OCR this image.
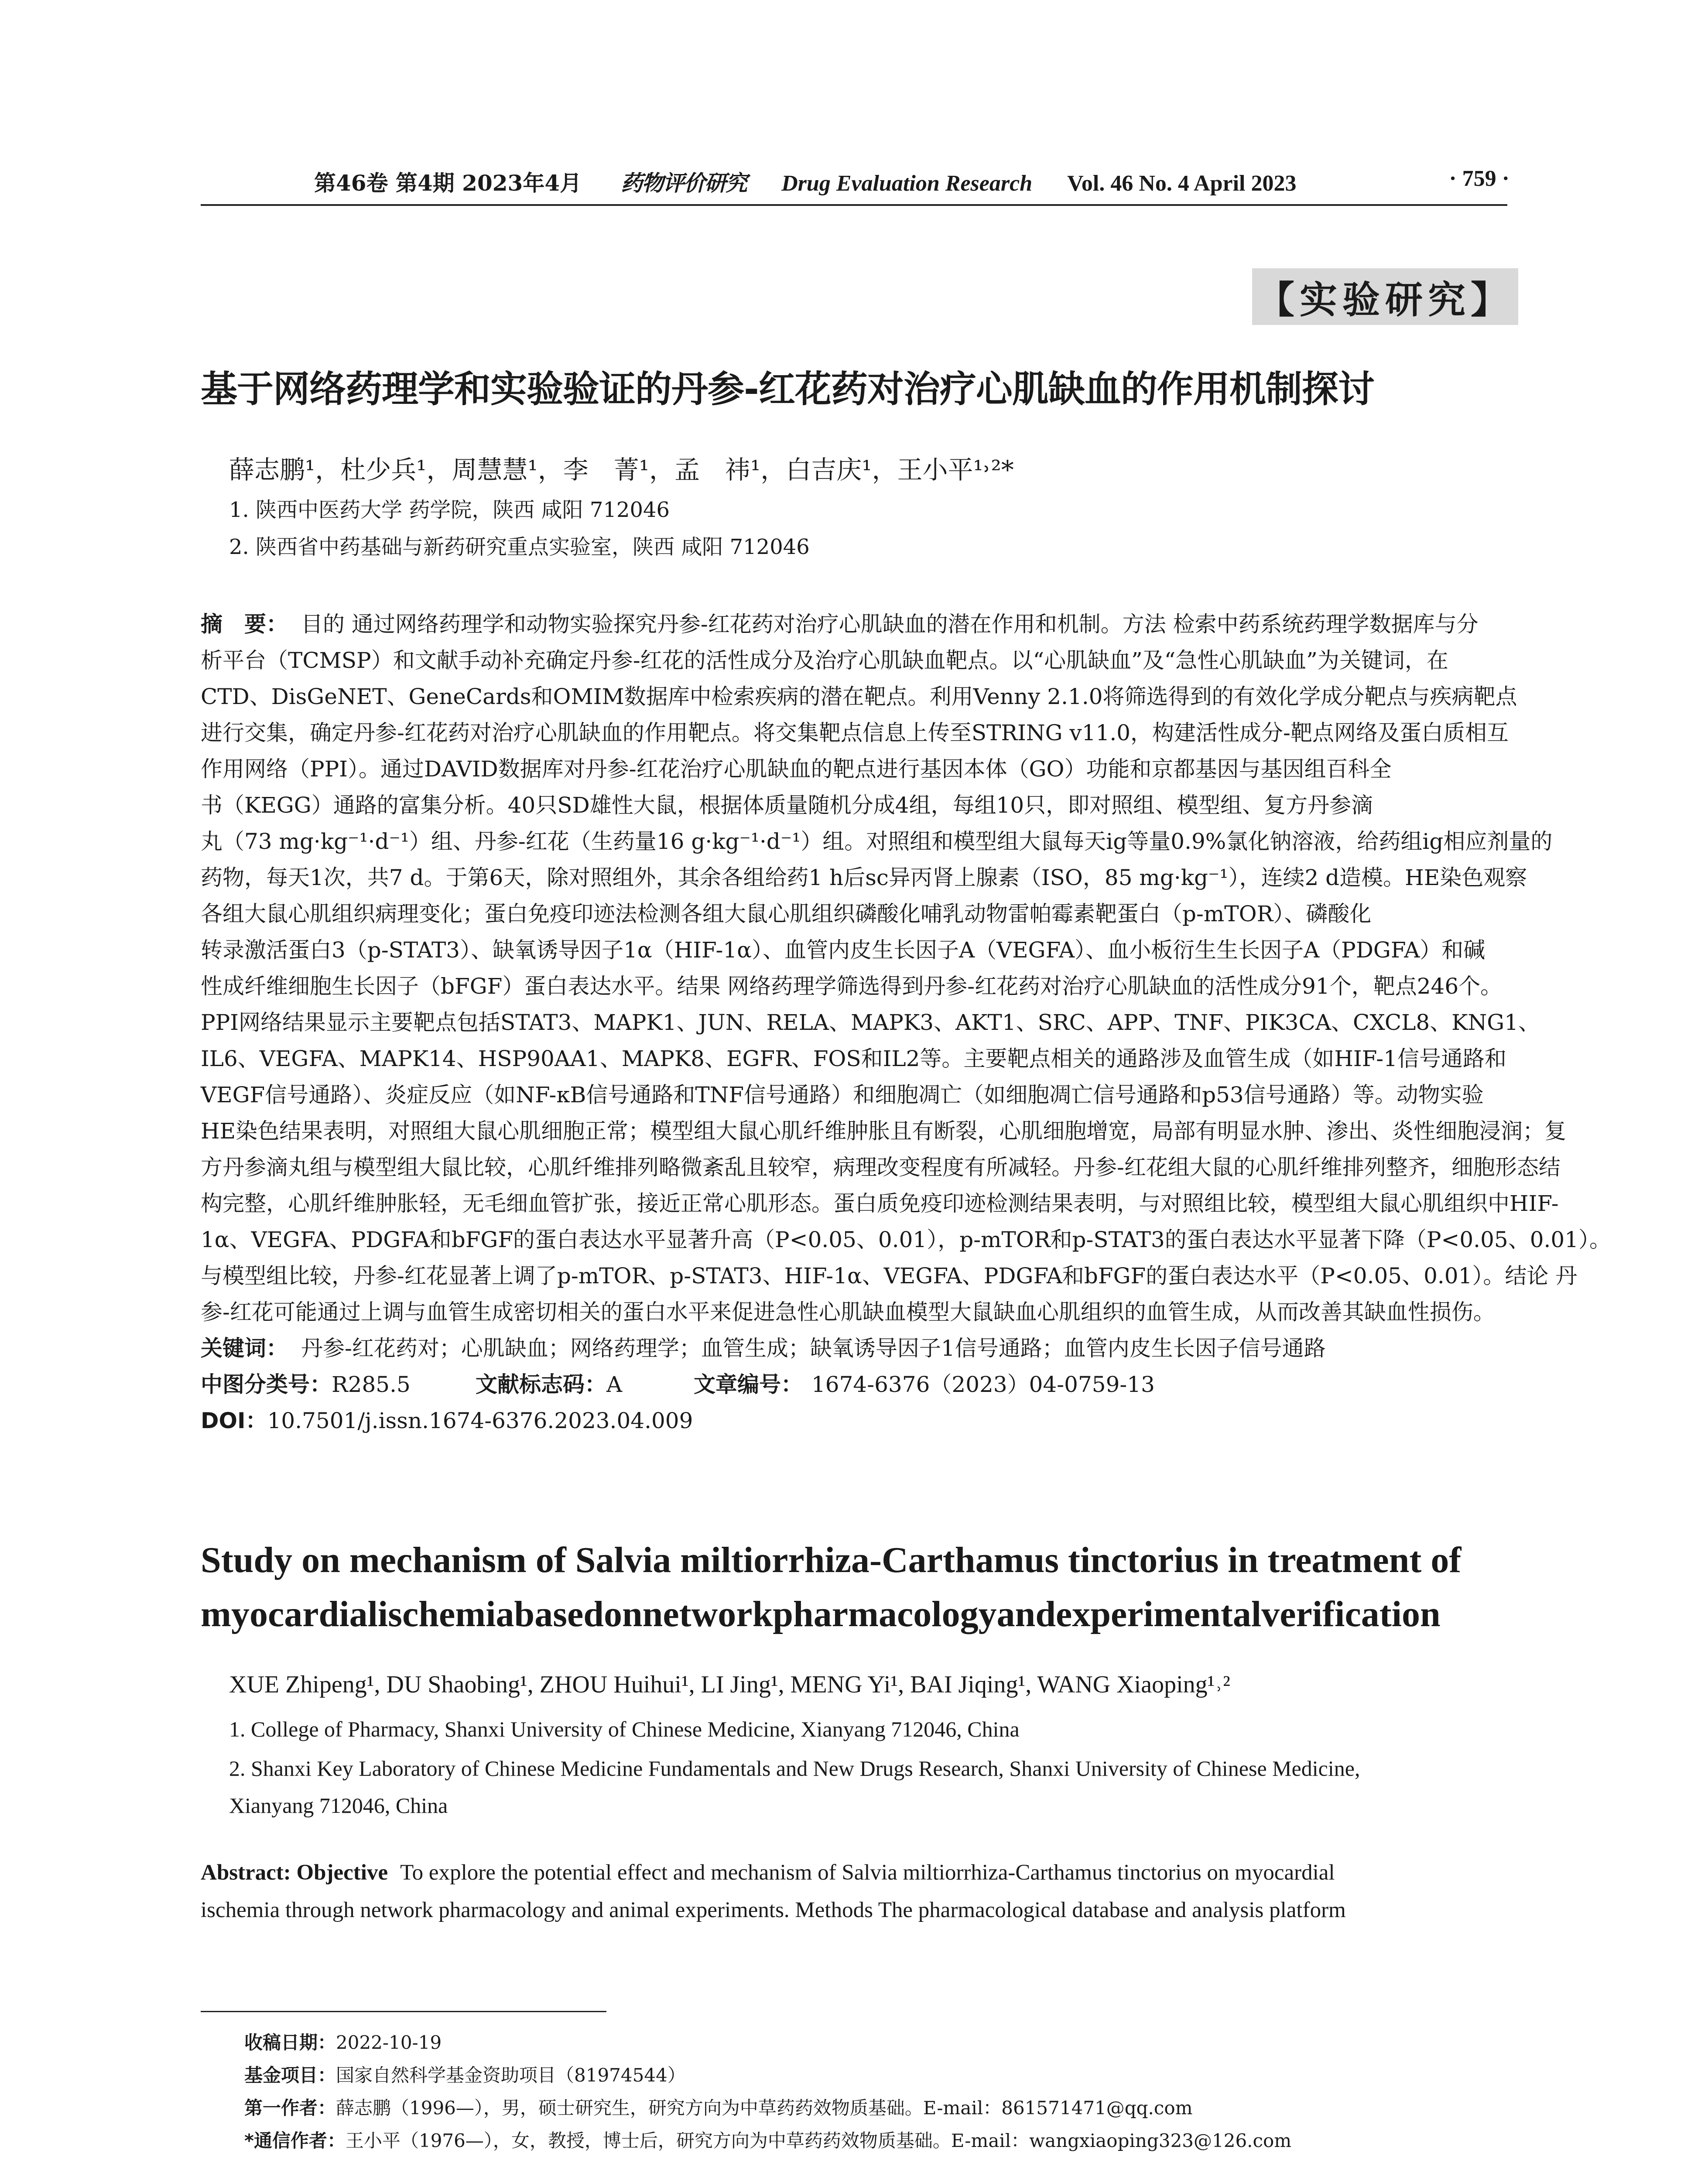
第46卷 第4期 2023年4月 药物评价研究 Drug Evaluation Research Vol. 46 No. 4 April 2023	· 759 ·
【实验研究】
基于网络药理学和实验验证的丹参-红花药对治疗心肌缺血的作用机制探讨
薛志鹏¹，杜少兵¹，周慧慧¹，李　菁¹，孟　祎¹，白吉庆¹，王小平¹˒²*
1. 陕西中医药大学 药学院，陕西 咸阳 712046
2. 陕西省中药基础与新药研究重点实验室，陕西 咸阳 712046
摘　要： 目的 通过网络药理学和动物实验探究丹参-红花药对治疗心肌缺血的潜在作用和机制。方法 检索中药系统药理学数据库与分
析平台（TCMSP）和文献手动补充确定丹参-红花的活性成分及治疗心肌缺血靶点。以“心肌缺血”及“急性心肌缺血”为关键词，在
CTD、DisGeNET、GeneCards和OMIM数据库中检索疾病的潜在靶点。利用Venny 2.1.0将筛选得到的有效化学成分靶点与疾病靶点
进行交集，确定丹参-红花药对治疗心肌缺血的作用靶点。将交集靶点信息上传至STRING v11.0，构建活性成分-靶点网络及蛋白质相互
作用网络（PPI）。通过DAVID数据库对丹参-红花治疗心肌缺血的靶点进行基因本体（GO）功能和京都基因与基因组百科全
书（KEGG）通路的富集分析。40只SD雄性大鼠，根据体质量随机分成4组，每组10只，即对照组、模型组、复方丹参滴
丸（73 mg·kg⁻¹·d⁻¹）组、丹参-红花（生药量16 g·kg⁻¹·d⁻¹）组。对照组和模型组大鼠每天ig等量0.9%氯化钠溶液，给药组ig相应剂量的
药物，每天1次，共7 d。于第6天，除对照组外，其余各组给药1 h后sc异丙肾上腺素（ISO，85 mg·kg⁻¹），连续2 d造模。HE染色观察
各组大鼠心肌组织病理变化；蛋白免疫印迹法检测各组大鼠心肌组织磷酸化哺乳动物雷帕霉素靶蛋白（p-mTOR）、磷酸化
转录激活蛋白3（p-STAT3）、缺氧诱导因子1α（HIF-1α）、血管内皮生长因子A（VEGFA）、血小板衍生生长因子A（PDGFA）和碱
性成纤维细胞生长因子（bFGF）蛋白表达水平。结果 网络药理学筛选得到丹参-红花药对治疗心肌缺血的活性成分91个，靶点246个。
PPI网络结果显示主要靶点包括STAT3、MAPK1、JUN、RELA、MAPK3、AKT1、SRC、APP、TNF、PIK3CA、CXCL8、KNG1、
IL6、VEGFA、MAPK14、HSP90AA1、MAPK8、EGFR、FOS和IL2等。主要靶点相关的通路涉及血管生成（如HIF-1信号通路和
VEGF信号通路）、炎症反应（如NF-κB信号通路和TNF信号通路）和细胞凋亡（如细胞凋亡信号通路和p53信号通路）等。动物实验
HE染色结果表明，对照组大鼠心肌细胞正常；模型组大鼠心肌纤维肿胀且有断裂，心肌细胞增宽，局部有明显水肿、渗出、炎性细胞浸润；复
方丹参滴丸组与模型组大鼠比较，心肌纤维排列略微紊乱且较窄，病理改变程度有所减轻。丹参-红花组大鼠的心肌纤维排列整齐，细胞形态结
构完整，心肌纤维肿胀轻，无毛细血管扩张，接近正常心肌形态。蛋白质免疫印迹检测结果表明，与对照组比较，模型组大鼠心肌组织中HIF-
1α、VEGFA、PDGFA和bFGF的蛋白表达水平显著升高（P<0.05、0.01），p-mTOR和p-STAT3的蛋白表达水平显著下降（P<0.05、0.01）。
与模型组比较，丹参-红花显著上调了p-mTOR、p-STAT3、HIF-1α、VEGFA、PDGFA和bFGF的蛋白表达水平（P<0.05、0.01）。结论 丹
参-红花可能通过上调与血管生成密切相关的蛋白水平来促进急性心肌缺血模型大鼠缺血心肌组织的血管生成，从而改善其缺血性损伤。
关键词： 丹参-红花药对；心肌缺血；网络药理学；血管生成；缺氧诱导因子1信号通路；血管内皮生长因子信号通路
中图分类号： R285.5	文献标志码： A	文章编号： 1674-6376（2023）04-0759-13
DOI： 10.7501/j.issn.1674-6376.2023.04.009
Study on mechanism of Salvia miltiorrhiza-Carthamus tinctorius in treatment of
myocardialischemiabasedonnetworkpharmacologyandexperimentalverification
XUE Zhipeng¹, DU Shaobing¹, ZHOU Huihui¹, LI Jing¹, MENG Yi¹, BAI Jiqing¹, WANG Xiaoping¹˒²
1. College of Pharmacy, Shanxi University of Chinese Medicine, Xianyang 712046, China
2. Shanxi Key Laboratory of Chinese Medicine Fundamentals and New Drugs Research, Shanxi University of Chinese Medicine,
Xianyang 712046, China
Abstract: Objective To explore the potential effect and mechanism of Salvia miltiorrhiza-Carthamus tinctorius on myocardial
ischemia through network pharmacology and animal experiments. Methods The pharmacological database and analysis platform
收稿日期：2022-10-19
基金项目：国家自然科学基金资助项目（81974544）
第一作者：薛志鹏（1996—），男，硕士研究生，研究方向为中草药药效物质基础。E-mail：861571471@qq.com
*通信作者：王小平（1976—），女，教授，博士后，研究方向为中草药药效物质基础。E-mail：wangxiaoping323@126.com
